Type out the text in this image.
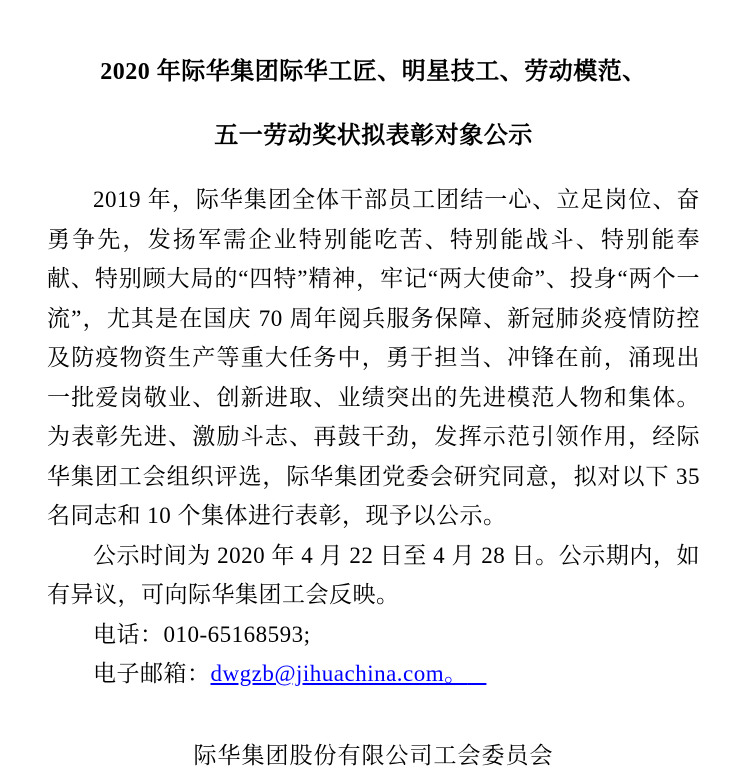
2020 年际华集团际华工匠、明星技工、劳动模范、
五一劳动奖状拟表彰对象公示

2019 年，际华集团全体干部员工团结一心、立足岗位、奋勇争先，发扬军需企业特别能吃苦、特别能战斗、特别能奉献、特别顾大局的“四特”精神，牢记“两大使命”、投身“两个一流”，尤其是在国庆 70 周年阅兵服务保障、新冠肺炎疫情防控及防疫物资生产等重大任务中，勇于担当、冲锋在前，涌现出一批爱岗敬业、创新进取、业绩突出的先进模范人物和集体。为表彰先进、激励斗志、再鼓干劲，发挥示范引领作用，经际华集团工会组织评选，际华集团党委会研究同意，拟对以下 35 名同志和 10 个集体进行表彰，现予以公示。

公示时间为 2020 年 4 月 22 日至 4 月 28 日。公示期内，如有异议，可向际华集团工会反映。

电话：010-65168593;

电子邮箱：dwgzb@jihuachina.com。

际华集团股份有限公司工会委员会
